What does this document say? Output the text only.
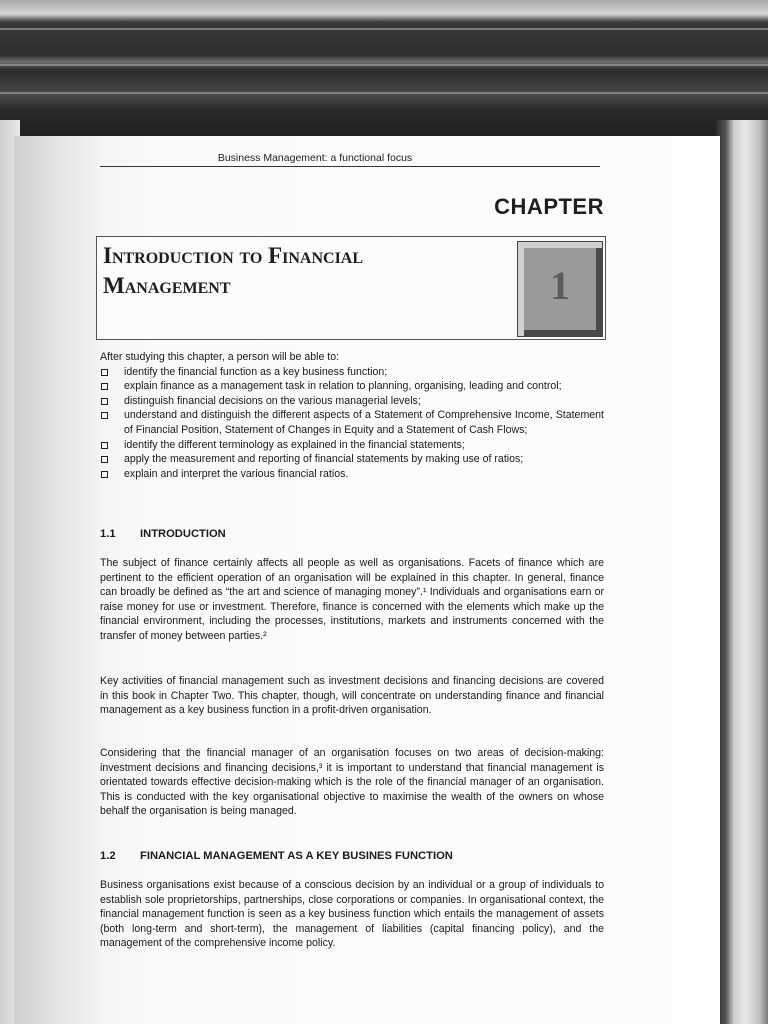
Business Management: a functional focus
CHAPTER
Introduction to Financial
Management	1
After studying this chapter, a person will be able to:
identify the financial function as a key business function;
explain finance as a management task in relation to planning, organising, leading and control;
distinguish financial decisions on the various managerial levels;
understand and distinguish the different aspects of a Statement of Comprehensive Income, Statement of Financial Position, Statement of Changes in Equity and a Statement of Cash Flows;
identify the different terminology as explained in the financial statements;
apply the measurement and reporting of financial statements by making use of ratios;
explain and interpret the various financial ratios.
1.1 INTRODUCTION

The subject of finance certainly affects all people as well as organisations. Facets of finance which are pertinent to the efficient operation of an organisation will be explained in this chapter. In general, finance can broadly be defined as “the art and science of managing money”.¹ Individuals and organisations earn or raise money for use or investment. Therefore, finance is concerned with the elements which make up the financial environment, including the processes, institutions, markets and instruments concerned with the transfer of money between parties.²

Key activities of financial management such as investment decisions and financing decisions are covered in this book in Chapter Two. This chapter, though, will concentrate on understanding finance and financial management as a key business function in a profit-driven organisation.

Considering that the financial manager of an organisation focuses on two areas of decision-making: investment decisions and financing decisions,³ it is important to understand that financial management is orientated towards effective decision-making which is the role of the financial manager of an organisation. This is conducted with the key organisational objective to maximise the wealth of the owners on whose behalf the organisation is being managed.

1.2 FINANCIAL MANAGEMENT AS A KEY BUSINES FUNCTION

Business organisations exist because of a conscious decision by an individual or a group of individuals to establish sole proprietorships, partnerships, close corporations or companies. In organisational context, the financial management function is seen as a key business function which entails the management of assets (both long-term and short-term), the management of liabilities (capital financing policy), and the management of the comprehensive income policy.
